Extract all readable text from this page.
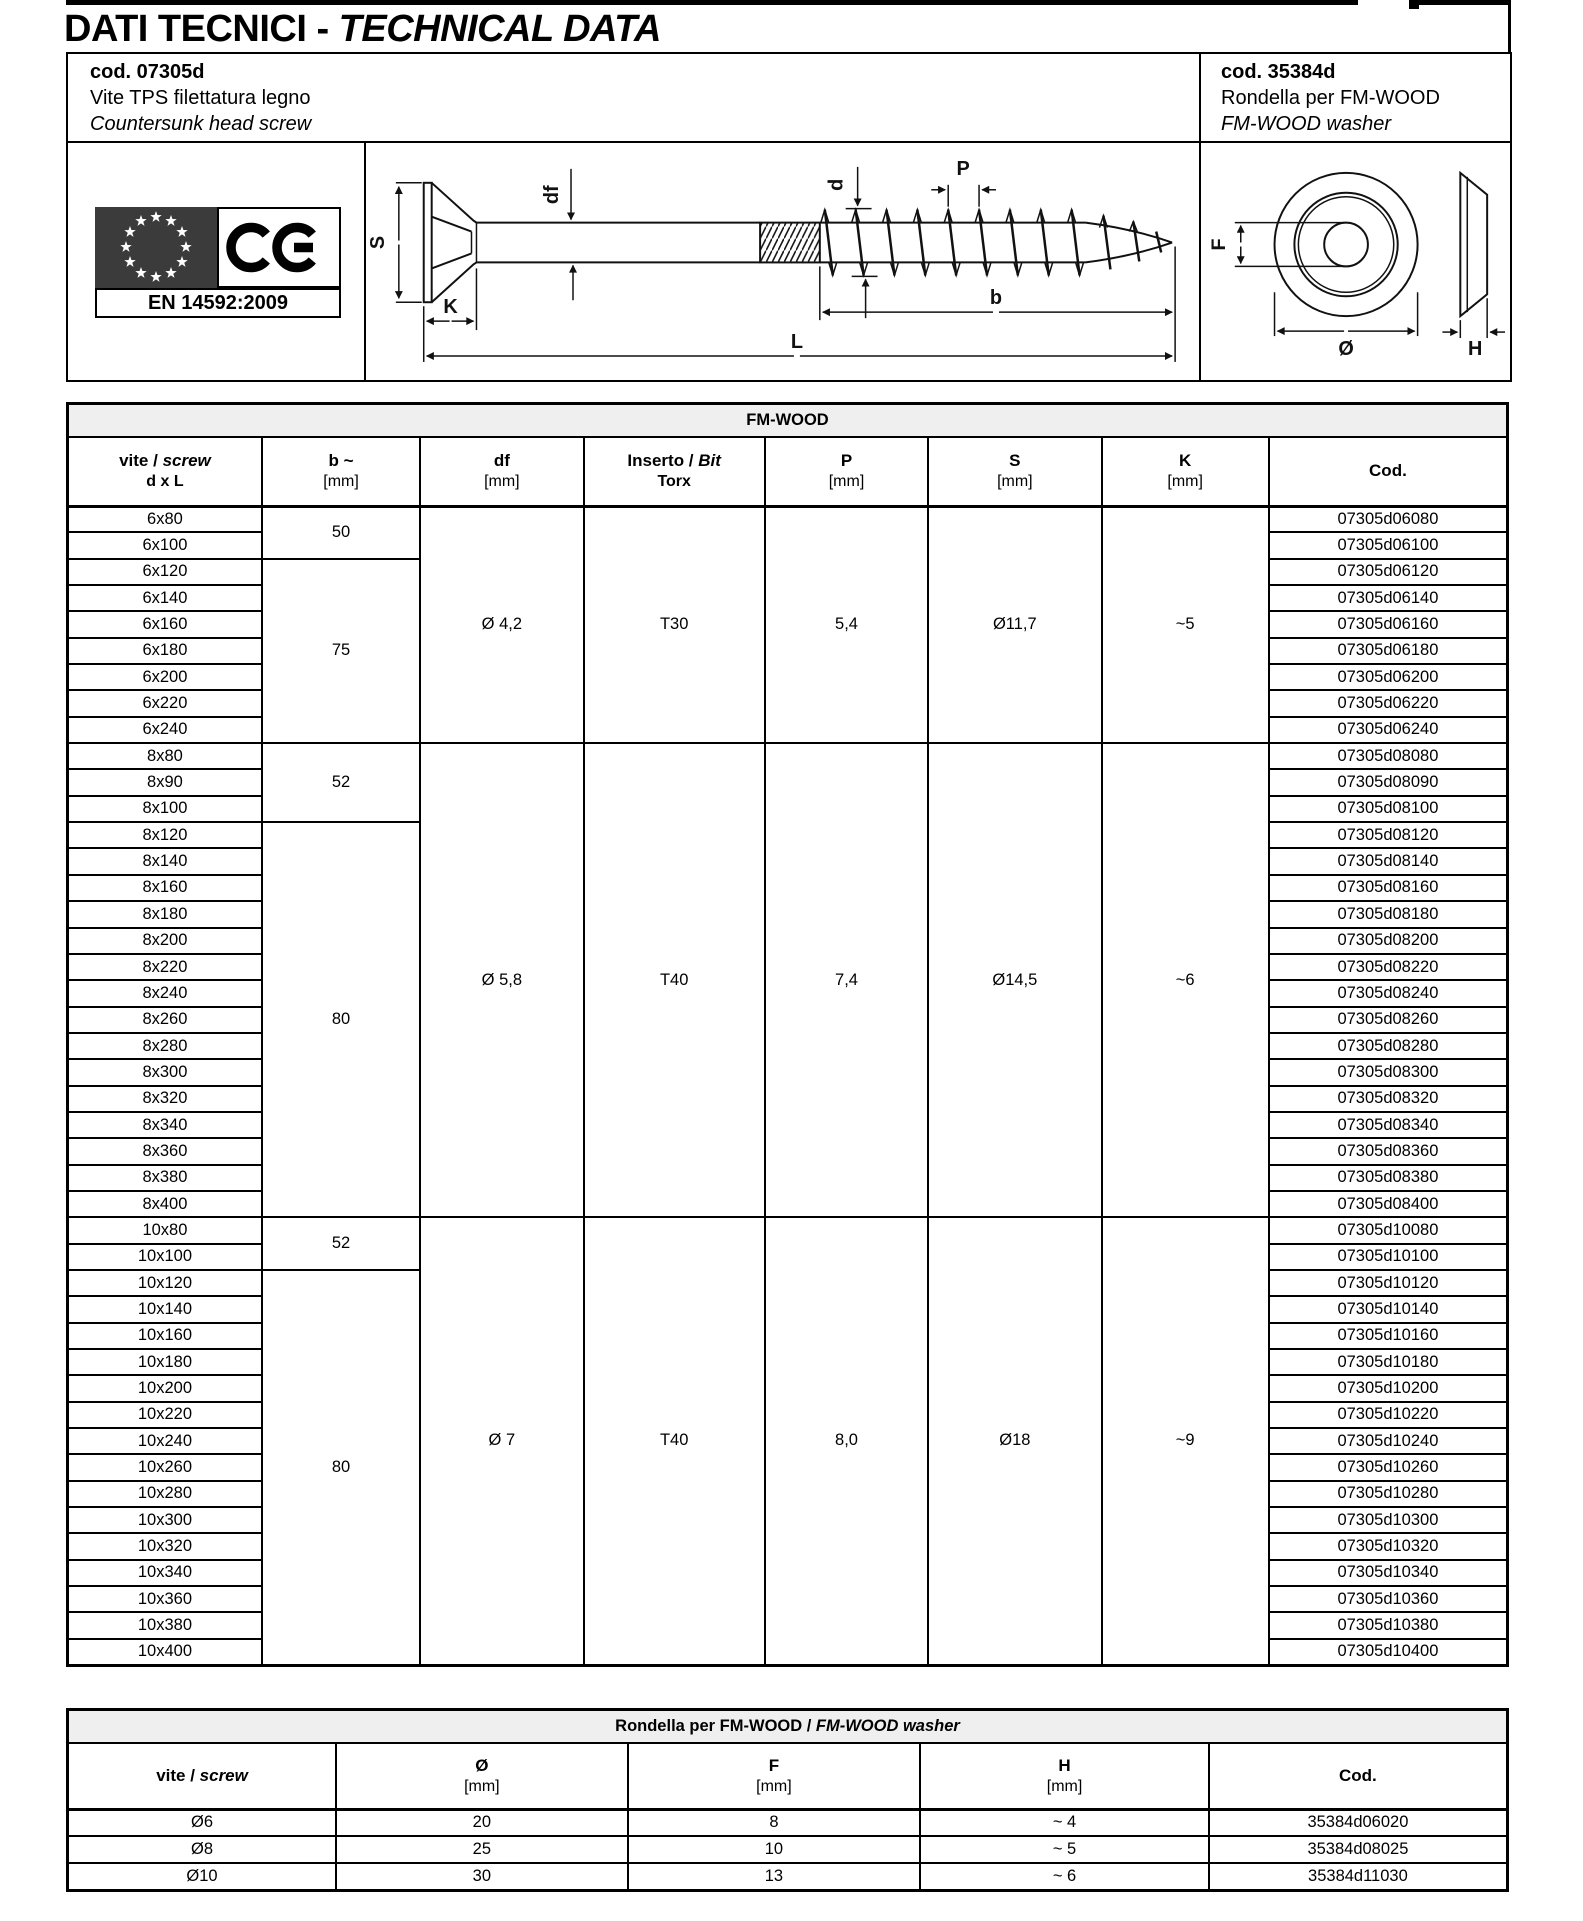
DATI TECNICI - TECHNICAL DATA
cod. 07305d
Vite TPS filettatura legno
Countersunk head screw
cod. 35384d
Rondella per FM-WOOD
FM-WOOD washer
EN 14592:2009
S
K
df
d
P
b
L
F
Ø	H
FM-WOOD							

vite / screw
d x L

b ~
[mm]

df
[mm]

Inserto / Bit
Torx

P
[mm]

S
[mm]

K
[mm]

Cod.

6x80	50	Ø 4,2	T30	5,4	Ø11,7	~5	07305d06080
6x100							07305d06100
6x120	75						07305d06120
6x140							07305d06140
6x160							07305d06160
6x180							07305d06180
6x200							07305d06200
6x220							07305d06220
6x240							07305d06240
8x80	52	Ø 5,8	T40	7,4	Ø14,5	~6	07305d08080
8x90							07305d08090
8x100							07305d08100
8x120	80						07305d08120
8x140							07305d08140
8x160							07305d08160
8x180							07305d08180
8x200							07305d08200
8x220							07305d08220
8x240							07305d08240
8x260							07305d08260
8x280							07305d08280
8x300							07305d08300
8x320							07305d08320
8x340							07305d08340
8x360							07305d08360
8x380							07305d08380
8x400							07305d08400
10x80	52	Ø 7	T40	8,0	Ø18	~9	07305d10080
10x100							07305d10100
10x120	80						07305d10120
10x140							07305d10140
10x160							07305d10160
10x180							07305d10180
10x200							07305d10200
10x220							07305d10220
10x240							07305d10240
10x260							07305d10260
10x280							07305d10280
10x300							07305d10300
10x320							07305d10320
10x340							07305d10340
10x360							07305d10360
10x380							07305d10380
10x400							07305d10400
Rondella per FM-WOOD / FM-WOOD washer				

vite / screw

Ø
[mm]

F
[mm]

H
[mm]

Cod.

Ø6	20	8	~ 4	35384d06020
Ø8	25	10	~ 5	35384d08025
Ø10	30	13	~ 6	35384d11030
